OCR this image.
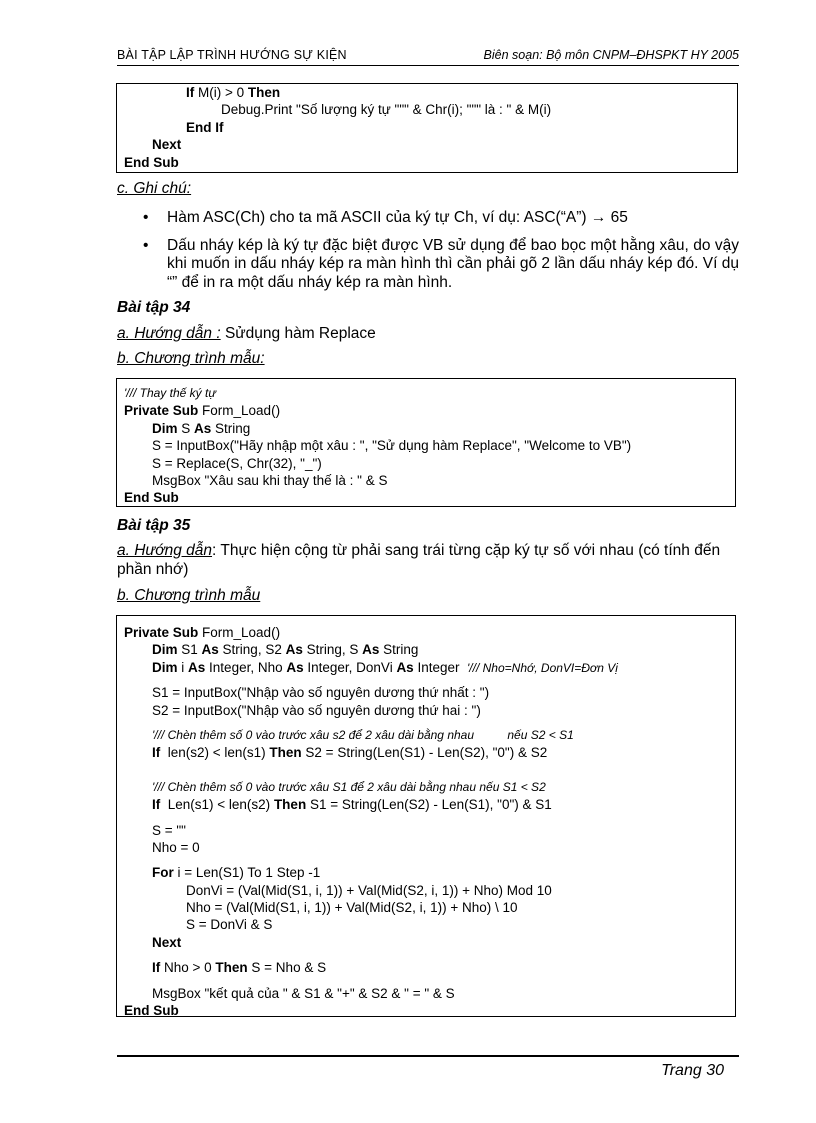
BÀI TẬP LẬP TRÌNH HƯỚNG SỰ KIỆN	Biên soạn: Bộ môn CNPM–ĐHSPKT HY 2005
If M(i) > 0 Then
Debug.Print "Số lượng ký tự """ & Chr(i); """ là : " & M(i)
End If
Next
End Sub
c. Ghi chú:
• Hàm ASC(Ch) cho ta mã ASCII của ký tự Ch, ví dụ: ASC(“A”) → 65
• Dấu nháy kép là ký tự đặc biệt được VB sử dụng để bao bọc một hằng xâu, do vậy khi muốn in dấu nháy kép ra màn hình thì cần phải gõ 2 lần dấu nháy kép đó. Ví dụ “” để in ra một dấu nháy kép ra màn hình.
Bài tập 34
a. Hướng dẫn : Sửdụng hàm Replace
b. Chương trình mẫu:
'/// Thay thế ký tự
Private Sub Form_Load()
Dim S As String
S = InputBox("Hãy nhập một xâu : ", "Sử dụng hàm Replace", "Welcome to VB")
S = Replace(S, Chr(32), "_")
MsgBox "Xâu sau khi thay thế là : " & S
End Sub
Bài tập 35
a. Hướng dẫn: Thực hiện cộng từ phải sang trái từng cặp ký tự số với nhau (có tính đến phần nhớ)
b. Chương trình mẫu
Private Sub Form_Load()
Dim S1 As String, S2 As String, S As String
Dim i As Integer, Nho As Integer, DonVi As Integer  '/// Nho=Nhớ, DonVI=Đơn Vị
S1 = InputBox("Nhập vào số nguyên dương thứ nhất : ")
S2 = InputBox("Nhập vào số nguyên dương thứ hai : ")
'/// Chèn thêm số 0 vào trước xâu s2 để 2 xâu dài bằng nhau          nếu S2 < S1
If  len(s2) < len(s1) Then S2 = String(Len(S1) - Len(S2), "0") & S2
'/// Chèn thêm số 0 vào trước xâu S1 để 2 xâu dài bằng nhau nếu S1 < S2
If  Len(s1) < len(s2) Then S1 = String(Len(S2) - Len(S1), "0") & S1
S = ""
Nho = 0
For i = Len(S1) To 1 Step -1
DonVi = (Val(Mid(S1, i, 1)) + Val(Mid(S2, i, 1)) + Nho) Mod 10
Nho = (Val(Mid(S1, i, 1)) + Val(Mid(S2, i, 1)) + Nho) \ 10
S = DonVi & S
Next
If Nho > 0 Then S = Nho & S
MsgBox "kết quả của " & S1 & "+" & S2 & " = " & S
End Sub
Trang 30
